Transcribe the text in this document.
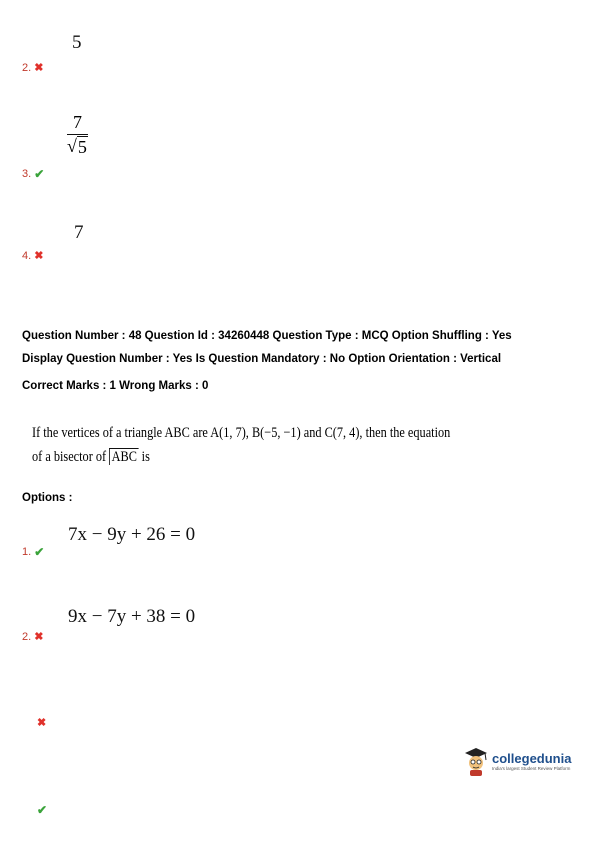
5
2. ✖
$\frac{7}{√ 5}$
3. ✔
7
4. ✖
Question Number : 48 Question Id : 34260448 Question Type : MCQ Option Shuffling : Yes
Display Question Number : Yes Is Question Mandatory : No Option Orientation : Vertical
Correct Marks : 1 Wrong Marks : 0
If the vertices of a triangle ABC are A(1, 7), B(−5, −1) and C(7, 4), then the equation
of a bisector of ABC is
Options :
7x − 9y + 26 = 0
1. ✔
9x − 7y + 38 = 0
2. ✖
✖
✔
collegedunia
India's largest Student Review Platform
